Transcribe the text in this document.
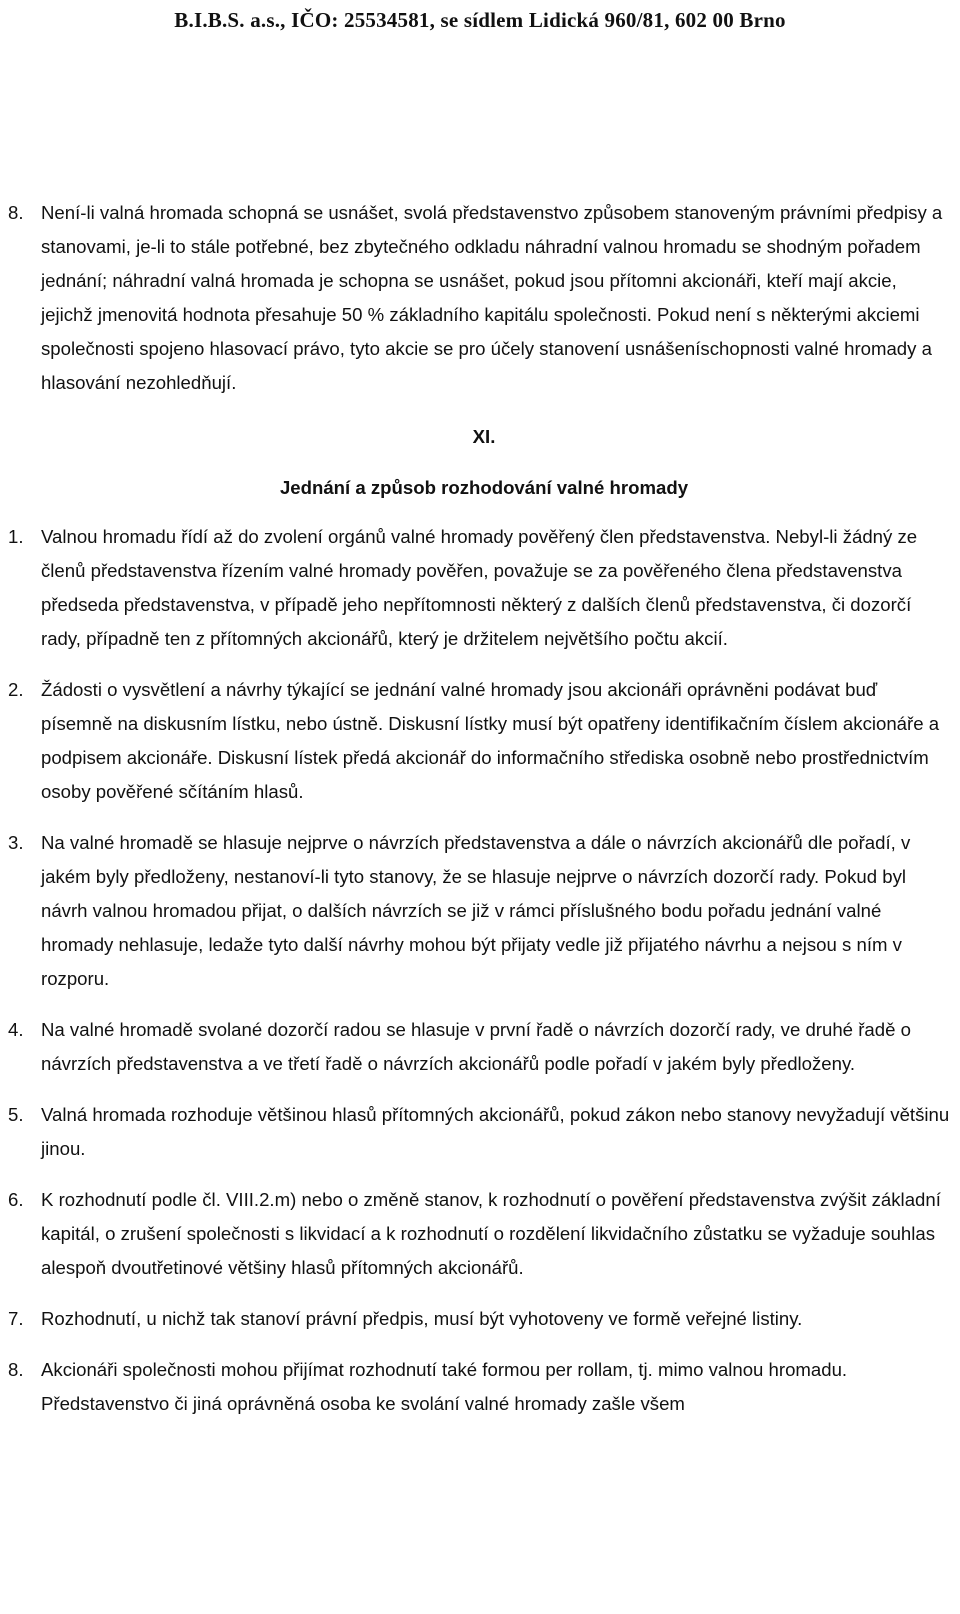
B.I.B.S. a.s., IČO: 25534581, se sídlem Lidická 960/81, 602 00 Brno
8. Není-li valná hromada schopná se usnášet, svolá představenstvo způsobem stanoveným právními předpisy a stanovami, je-li to stále potřebné, bez zbytečného odkladu náhradní valnou hromadu se shodným pořadem jednání; náhradní valná hromada je schopna se usnášet, pokud jsou přítomni akcionáři, kteří mají akcie, jejichž jmenovitá hodnota přesahuje 50 % základního kapitálu společnosti. Pokud není s některými akciemi společnosti spojeno hlasovací právo, tyto akcie se pro účely stanovení usnášeníschopnosti valné hromady a hlasování nezohledňují.
XI.
Jednání a způsob rozhodování valné hromady
1. Valnou hromadu řídí až do zvolení orgánů valné hromady pověřený člen představenstva. Nebyl-li žádný ze členů představenstva řízením valné hromady pověřen, považuje se za pověřeného člena představenstva předseda představenstva, v případě jeho nepřítomnosti některý z dalších členů představenstva, či dozorčí rady, případně ten z přítomných akcionářů, který je držitelem největšího počtu akcií.
2. Žádosti o vysvětlení a návrhy týkající se jednání valné hromady jsou akcionáři oprávněni podávat buď písemně na diskusním lístku, nebo ústně. Diskusní lístky musí být opatřeny identifikačním číslem akcionáře a podpisem akcionáře. Diskusní lístek předá akcionář do informačního střediska osobně nebo prostřednictvím osoby pověřené sčítáním hlasů.
3. Na valné hromadě se hlasuje nejprve o návrzích představenstva a dále o návrzích akcionářů dle pořadí, v jakém byly předloženy, nestanoví-li tyto stanovy, že se hlasuje nejprve o návrzích dozorčí rady. Pokud byl návrh valnou hromadou přijat, o dalších návrzích se již v rámci příslušného bodu pořadu jednání valné hromady nehlasuje, ledaže tyto další návrhy mohou být přijaty vedle již přijatého návrhu a nejsou s ním v rozporu.
4. Na valné hromadě svolané dozorčí radou se hlasuje v první řadě o návrzích dozorčí rady, ve druhé řadě o návrzích představenstva a ve třetí řadě o návrzích akcionářů podle pořadí v jakém byly předloženy.
5. Valná hromada rozhoduje většinou hlasů přítomných akcionářů, pokud zákon nebo stanovy nevyžadují většinu jinou.
6. K rozhodnutí podle čl. VIII.2.m) nebo o změně stanov, k rozhodnutí o pověření představenstva zvýšit základní kapitál, o zrušení společnosti s likvidací a k rozhodnutí o rozdělení likvidačního zůstatku se vyžaduje souhlas alespoň dvoutřetinové většiny hlasů přítomných akcionářů.
7. Rozhodnutí, u nichž tak stanoví právní předpis, musí být vyhotoveny ve formě veřejné listiny.
8. Akcionáři společnosti mohou přijímat rozhodnutí také formou per rollam, tj. mimo valnou hromadu. Představenstvo či jiná oprávněná osoba ke svolání valné hromady zašle všem
